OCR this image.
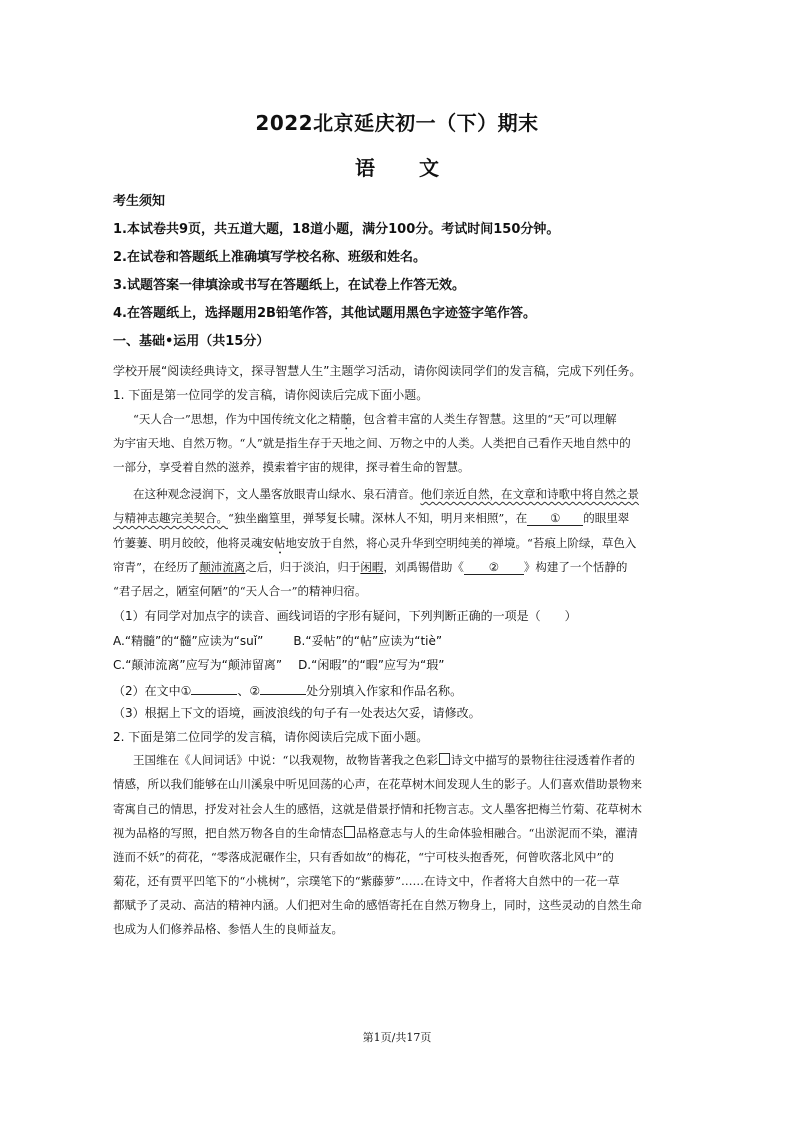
2022北京延庆初一（下）期末
语 文
考生须知
1.本试卷共9页，共五道大题，18道小题，满分100分。考试时间150分钟。
2.在试卷和答题纸上准确填写学校名称、班级和姓名。
3.试题答案一律填涂或书写在答题纸上，在试卷上作答无效。
4.在答题纸上，选择题用2B铅笔作答，其他试题用黑色字迹签字笔作答。
一、基础•运用（共15分）
学校开展“阅读经典诗文，探寻智慧人生”主题学习活动，请你阅读同学们的发言稿，完成下列任务。
1. 下面是第一位同学的发言稿，请你阅读后完成下面小题。
“天人合一”思想，作为中国传统文化之精髓，包含着丰富的人类生存智慧。这里的“天”可以理解
为宇宙天地、自然万物。“人”就是指生存于天地之间、万物之中的人类。人类把自己看作天地自然中的
一部分，享受着自然的滋养，摸索着宇宙的规律，探寻着生命的智慧。
在这种观念浸润下，文人墨客放眼青山绿水、泉石清音。他们亲近自然，在文章和诗歌中将自然之景
与精神志趣完美契合。“独坐幽篁里，弹琴复长啸。深林人不知，明月来相照”，在 ① 的眼里翠
竹萋萋、明月皎皎，他将灵魂安帖地安放于自然，将心灵升华到空明纯美的禅境。“苔痕上阶绿，草色入
帘青”，在经历了颠沛流离之后，归于淡泊，归于闲暇，刘禹锡借助《 ② 》构建了一个恬静的
“君子居之，陋室何陋”的“天人合一”的精神归宿。
（1）有同学对加点字的读音、画线词语的字形有疑问，下列判断正确的一项是（　　）
A.“精髓”的“髓”应读为“suǐ”	B.“妥帖”的“帖”应读为“tiè”
C.“颠沛流离”应写为“颠沛留离” D.“闲暇”的“暇”应写为“瑕”
（2）在文中①	、②	处分别填入作家和作品名称。
（3）根据上下文的语境，画波浪线的句子有一处表达欠妥，请修改。
2. 下面是第二位同学的发言稿，请你阅读后完成下面小题。
王国维在《人间词话》中说：“以我观物，故物皆著我之色彩 诗文中描写的景物往往浸透着作者的
情感，所以我们能够在山川溪泉中听见回荡的心声，在花草树木间发现人生的影子。人们喜欢借助景物来
寄寓自己的情思，抒发对社会人生的感悟，这就是借景抒情和托物言志。文人墨客把梅兰竹菊、花草树木
视为品格的写照，把自然万物各自的生命情态 品格意志与人的生命体验相融合。“出淤泥而不染，濯清
涟而不妖”的荷花，“零落成泥碾作尘，只有香如故”的梅花，“宁可枝头抱香死，何曾吹落北风中”的
菊花，还有贾平凹笔下的“小桃树”，宗璞笔下的“紫藤萝”……在诗文中，作者将大自然中的一花一草
都赋予了灵动、高洁的精神内涵。人们把对生命的感悟寄托在自然万物身上，同时，这些灵动的自然生命
也成为人们修养品格、参悟人生的良师益友。
第1页/共17页
